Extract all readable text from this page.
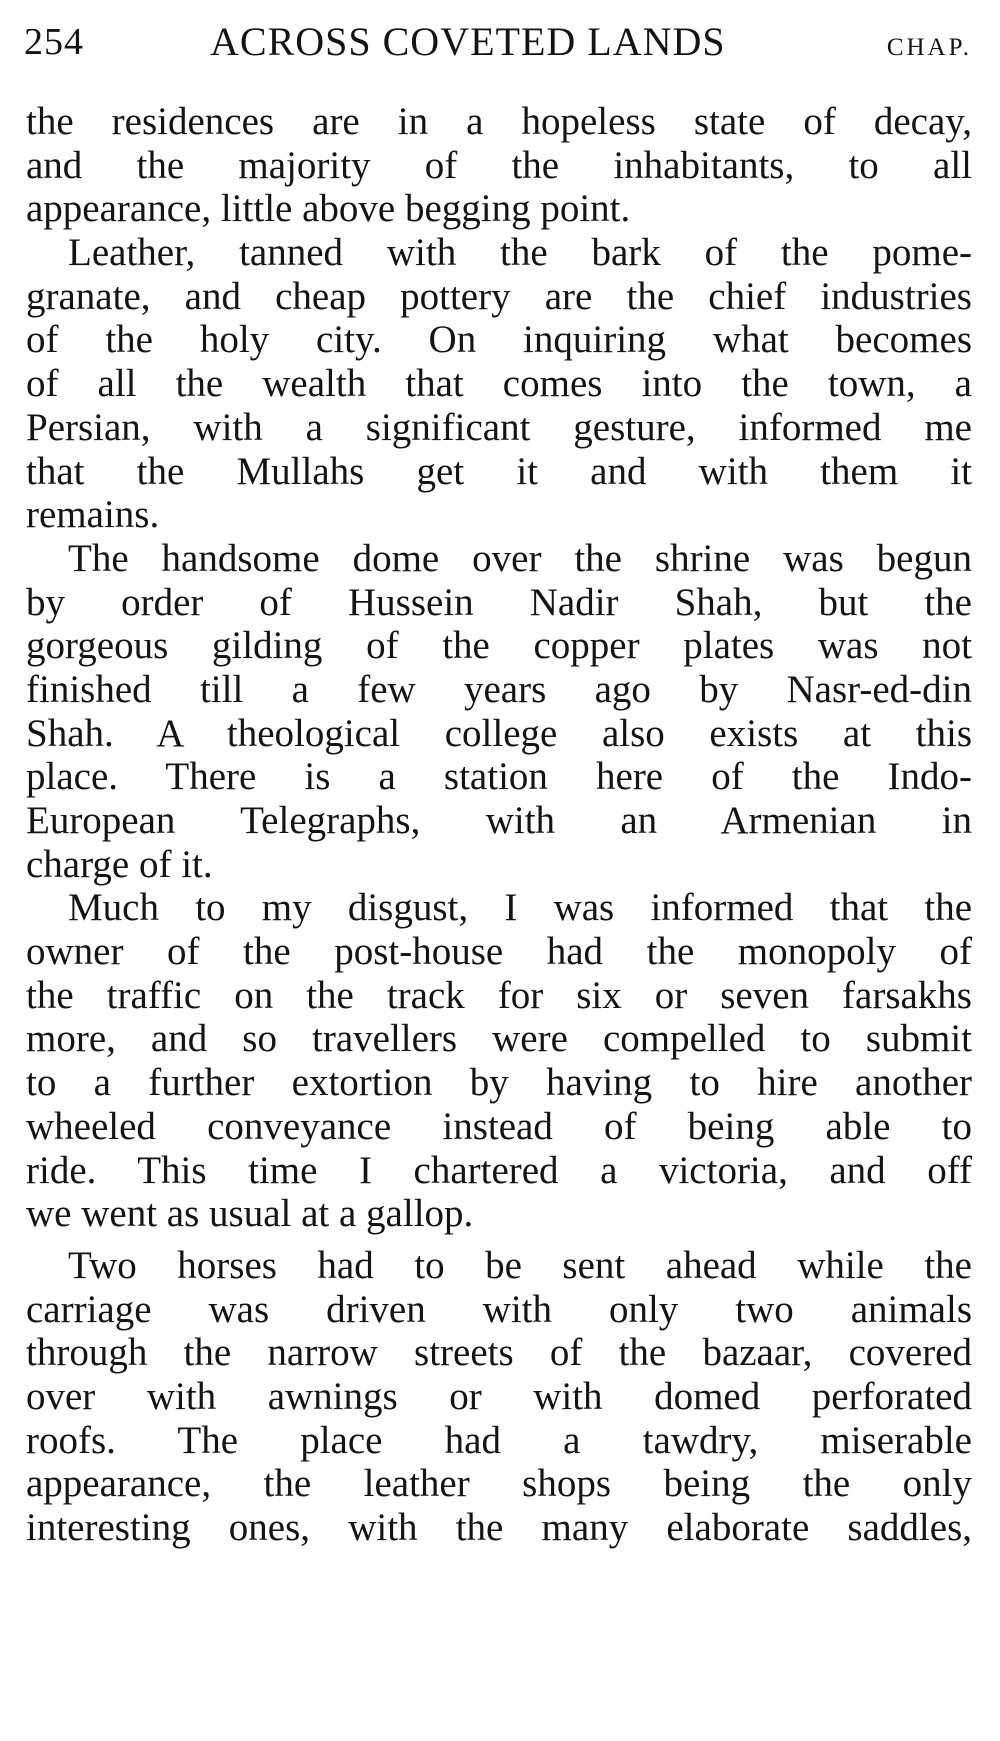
254	ACROSS COVETED LANDS	CHAP.
the residences are in a hopeless state of decay,
and the majority of the inhabitants, to all
appearance, little above begging point.
Leather, tanned with the bark of the pome-
granate, and cheap pottery are the chief industries
of the holy city. On inquiring what becomes
of all the wealth that comes into the town, a
Persian, with a significant gesture, informed me
that the Mullahs get it and with them it
remains.
The handsome dome over the shrine was begun
by order of Hussein Nadir Shah, but the
gorgeous gilding of the copper plates was not
finished till a few years ago by Nasr-ed-din
Shah. A theological college also exists at this
place. There is a station here of the Indo-
European Telegraphs, with an Armenian in
charge of it.
Much to my disgust, I was informed that the
owner of the post-house had the monopoly of
the traffic on the track for six or seven farsakhs
more, and so travellers were compelled to submit
to a further extortion by having to hire another
wheeled conveyance instead of being able to
ride. This time I chartered a victoria, and off
we went as usual at a gallop.
Two horses had to be sent ahead while the
carriage was driven with only two animals
through the narrow streets of the bazaar, covered
over with awnings or with domed perforated
roofs. The place had a tawdry, miserable
appearance, the leather shops being the only
interesting ones, with the many elaborate saddles,
